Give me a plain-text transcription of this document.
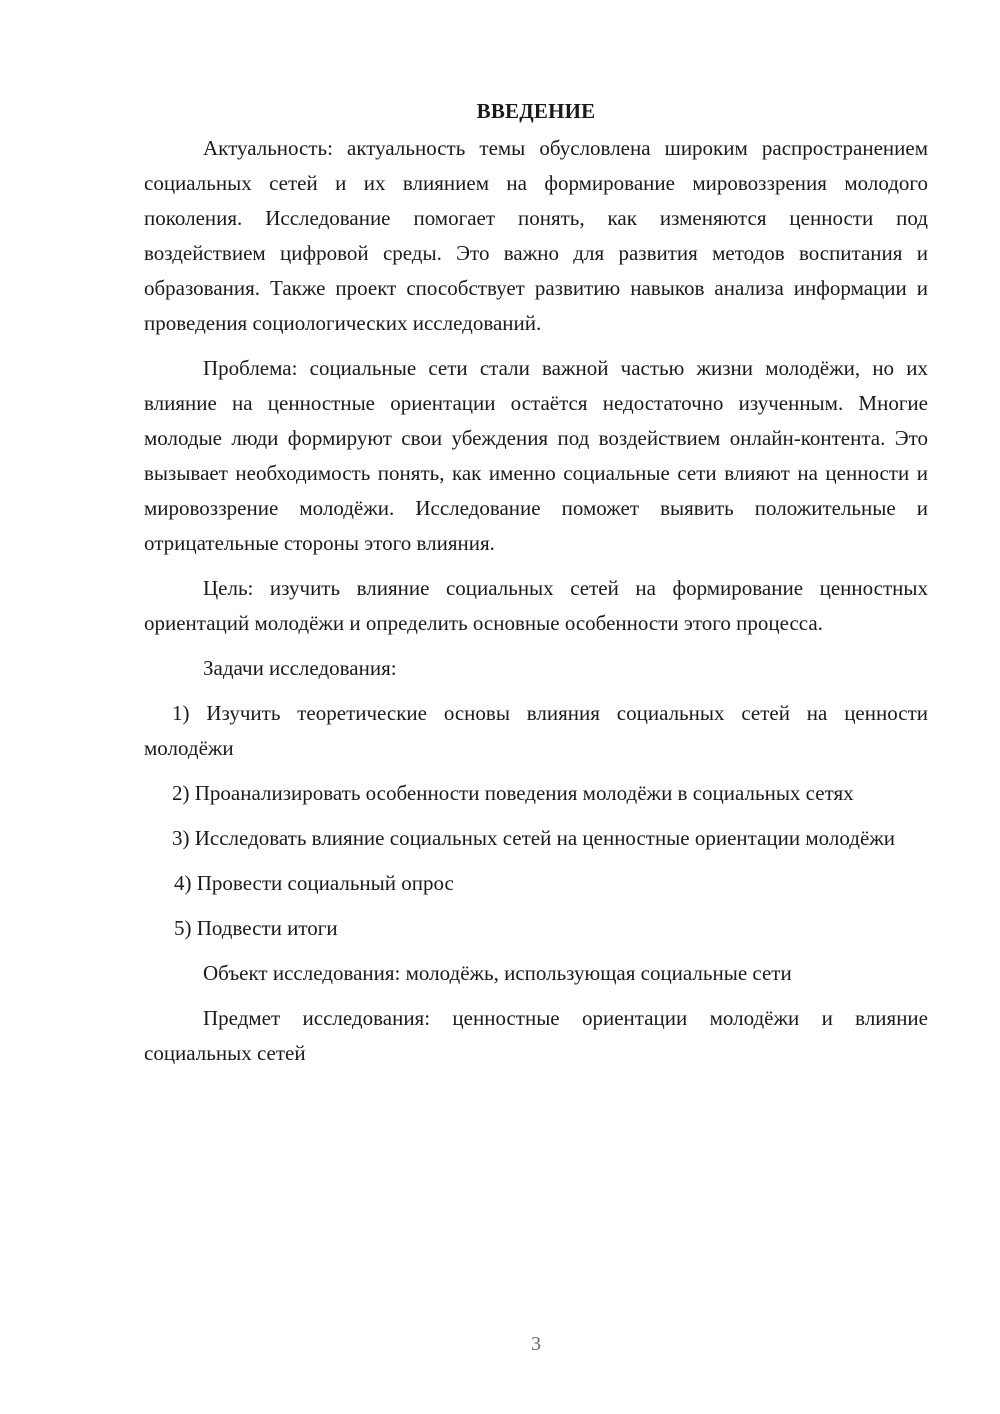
ВВЕДЕНИЕ

Актуальность: актуальность темы обусловлена широким распространением социальных сетей и их влиянием на формирование мировоззрения молодого поколения. Исследование помогает понять, как изменяются ценности под воздействием цифровой среды. Это важно для развития методов воспитания и образования. Также проект способствует развитию навыков анализа информации и проведения социологических исследований.

Проблема: социальные сети стали важной частью жизни молодёжи, но их влияние на ценностные ориентации остаётся недостаточно изученным. Многие молодые люди формируют свои убеждения под воздействием онлайн-контента. Это вызывает необходимость понять, как именно социальные сети влияют на ценности и мировоззрение молодёжи. Исследование поможет выявить положительные и отрицательные стороны этого влияния.

Цель: изучить влияние социальных сетей на формирование ценностных ориентаций молодёжи и определить основные особенности этого процесса.

Задачи исследования:

1) Изучить теоретические основы влияния социальных сетей на ценности молодёжи

2) Проанализировать особенности поведения молодёжи в социальных сетях

3) Исследовать влияние социальных сетей на ценностные ориентации молодёжи

4) Провести социальный опрос

5) Подвести итоги

Объект исследования: молодёжь, использующая социальные сети

Предмет исследования: ценностные ориентации молодёжи и влияние социальных сетей

3
